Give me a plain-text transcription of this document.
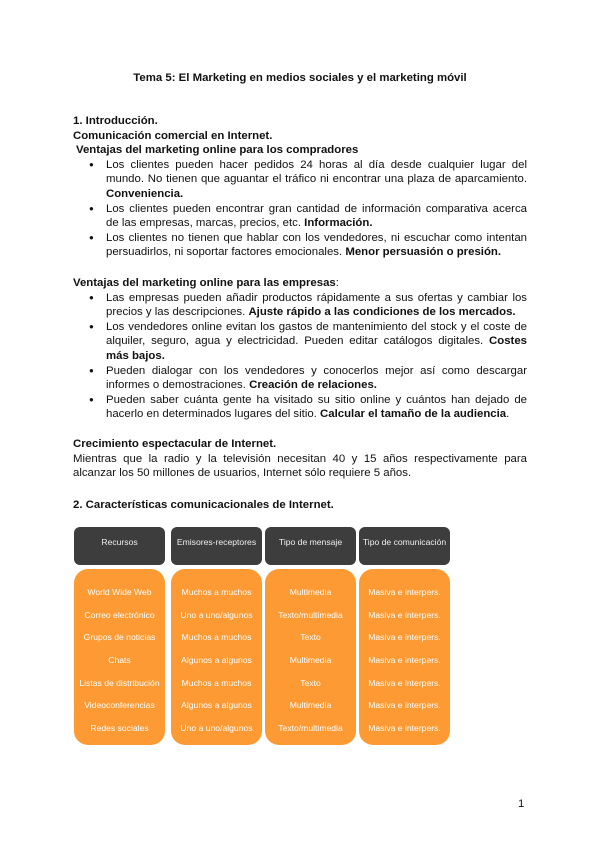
Tema 5: El Marketing en medios sociales y el marketing móvil

1. Introducción.

Comunicación comercial en Internet.

Ventajas del marketing online para los compradores

● Los clientes pueden hacer pedidos 24 horas al día desde cualquier lugar del mundo. No tienen que aguantar el tráfico ni encontrar una plaza de aparcamiento. Conveniencia.
● Los clientes pueden encontrar gran cantidad de información comparativa acerca de las empresas, marcas, precios, etc. Información.
● Los clientes no tienen que hablar con los vendedores, ni escuchar como intentan persuadirlos, ni soportar factores emocionales. Menor persuasión o presión.

Ventajas del marketing online para las empresas:

● Las empresas pueden añadir productos rápidamente a sus ofertas y cambiar los precios y las descripciones. Ajuste rápido a las condiciones de los mercados.
● Los vendedores online evitan los gastos de mantenimiento del stock y el coste de alquiler, seguro, agua y electricidad. Pueden editar catálogos digitales. Costes más bajos.
● Pueden dialogar con los vendedores y conocerlos mejor así como descargar informes o demostraciones. Creación de relaciones.
● Pueden saber cuánta gente ha visitado su sitio online y cuántos han dejado de hacerlo en determinados lugares del sitio. Calcular el tamaño de la audiencia.

Crecimiento espectacular de Internet.

Mientras que la radio y la televisión necesitan 40 y 15 años respectivamente para alcanzar los 50 millones de usuarios, Internet sólo requiere 5 años.

2. Características comunicacionales de Internet.

Recursos
World Wide Web
Correo electrónico
Grupos de noticias
Chats
Listas de distribución
Videoconferencias
Redes sociales
Emisores-receptores
Muchos a muchos
Uno a uno/algunos
Muchos a muchos
Algunos a algunos
Muchos a muchos
Algunos a algunos
Uno a uno/algunos
Tipo de mensaje
Multimedia
Texto/multimedia
Texto
Multimedia
Texto
Multimedia
Texto/multimedia
Tipo de comunicación
Masiva e interpers.
Masiva e interpers.
Masiva e interpers.
Masiva e interpers.
Masiva e interpers.
Masiva e interpers.
Masiva e interpers.
1
